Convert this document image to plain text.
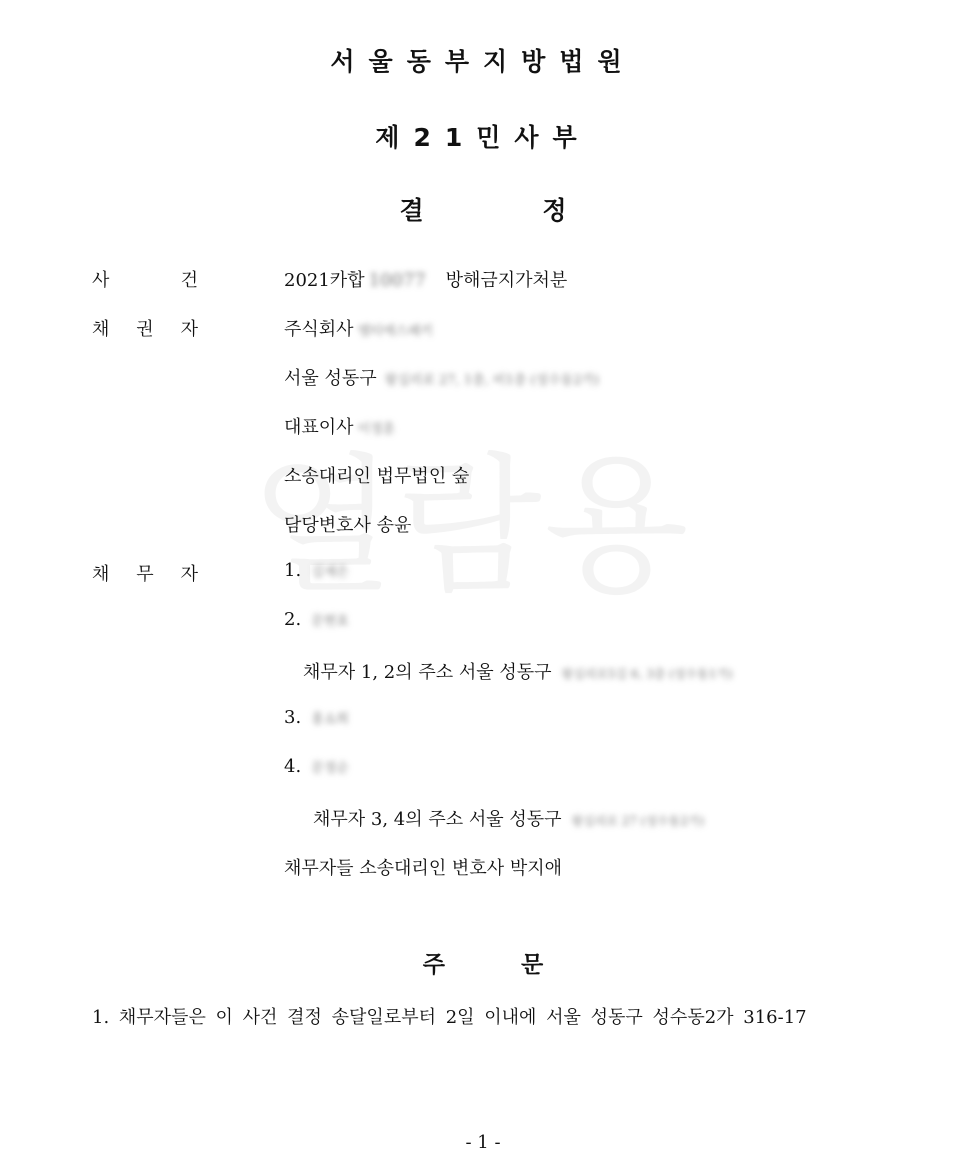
서울동부지방법원
제21민사부
결 정
사	건	2021카합 10077 방해금지가처분
채 권 자	주식회사 엠티에스패키
서울 성동구 왕십리로 27, 1층, 비1층 (성수동2가)
대표이사 이정훈
소송대리인 법무법인 숲
담당변호사 송윤
채 무 자	1. 김재은
2. 문현효
채무자 1, 2의 주소 서울 성동구 왕십리로5길 6, 3층 (성수동1가)
3. 홍소희
4. 문정순
채무자 3, 4의 주소 서울 성동구 왕십리로 27 (성수동2가)
채무자들 소송대리인 변호사 박지애
주 문
1. 채무자들은 이 사건 결정 송달일로부터 2일 이내에 서울 성동구 성수동2가 316-17
- 1 -
